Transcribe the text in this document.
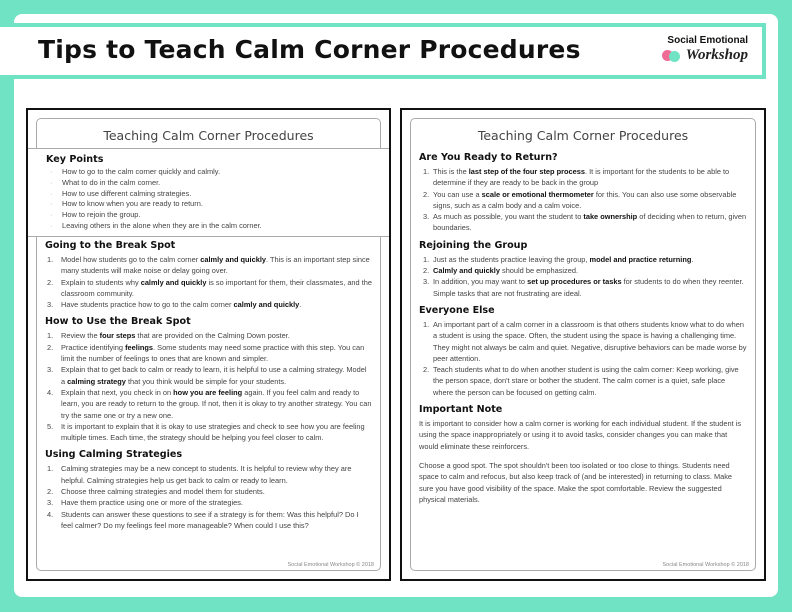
Tips to Teach Calm Corner Procedures	Social Emotional
Workshop
Teaching Calm Corner Procedures
Key Points
· How to go to the calm corner quickly and calmly.
· What to do in the calm corner.
· How to use different calming strategies.
· How to know when you are ready to return.
· How to rejoin the group.
· Leaving others in the alone when they are in the calm corner.
Going to the Break Spot
1. Model how students go to the calm corner calmly and quickly. This is an important step since many students will make noise or delay going over.
2. Explain to students why calmly and quickly is so important for them, their classmates, and the classroom community.
3. Have students practice how to go to the calm corner calmly and quickly.
How to Use the Break Spot
1. Review the four steps that are provided on the Calming Down poster.
2. Practice identifying feelings. Some students may need some practice with this step. You can limit the number of feelings to ones that are known and simpler.
3. Explain that to get back to calm or ready to learn, it is helpful to use a calming strategy. Model a calming strategy that you think would be simple for your students.
4. Explain that next, you check in on how you are feeling again. If you feel calm and ready to learn, you are ready to return to the group. If not, then it is okay to try another strategy. You can try the same one or try a new one.
5. It is important to explain that it is okay to use strategies and check to see how you are feeling multiple times. Each time, the strategy should be helping you feel closer to calm.
Using Calming Strategies
1. Calming strategies may be a new concept to students. It is helpful to review why they are helpful. Calming strategies help us get back to calm or ready to learn.
2. Choose three calming strategies and model them for students.
3. Have them practice using one or more of the strategies.
4. Students can answer these questions to see if a strategy is for them: Was this helpful? Do I feel calmer? Do my feelings feel more manageable? When could I use this?
Social Emotional Workshop © 2018
Teaching Calm Corner Procedures
Are You Ready to Return?
1. This is the last step of the four step process. It is important for the students to be able to determine if they are ready to be back in the group
2. You can use a scale or emotional thermometer for this. You can also use some observable signs, such as a calm body and a calm voice.
3. As much as possible, you want the student to take ownership of deciding when to return, given boundaries.
Rejoining the Group
1. Just as the students practice leaving the group, model and practice returning.
2. Calmly and quickly should be emphasized.
3. In addition, you may want to set up procedures or tasks for students to do when they reenter. Simple tasks that are not frustrating are ideal.
Everyone Else
1. An important part of a calm corner in a classroom is that others students know what to do when a student is using the space. Often, the student using the space is having a challenging time. They might not always be calm and quiet. Negative, disruptive behaviors can be made worse by peer attention.
2. Teach students what to do when another student is using the calm corner: Keep working, give the person space, don't stare or bother the student. The calm corner is a quiet, safe place where the person can be focused on getting calm.
Important Note
It is important to consider how a calm corner is working for each individual student. If the student is using the space inappropriately or using it to avoid tasks, consider changes you can make that would eliminate these reinforcers.
Choose a good spot. The spot shouldn't been too isolated or too close to things. Students need space to calm and refocus, but also keep track of (and be interested) in returning to class. Make sure you have good visibility of the space. Make the spot comfortable. Review the suggested physical materials.
Social Emotional Workshop © 2018
